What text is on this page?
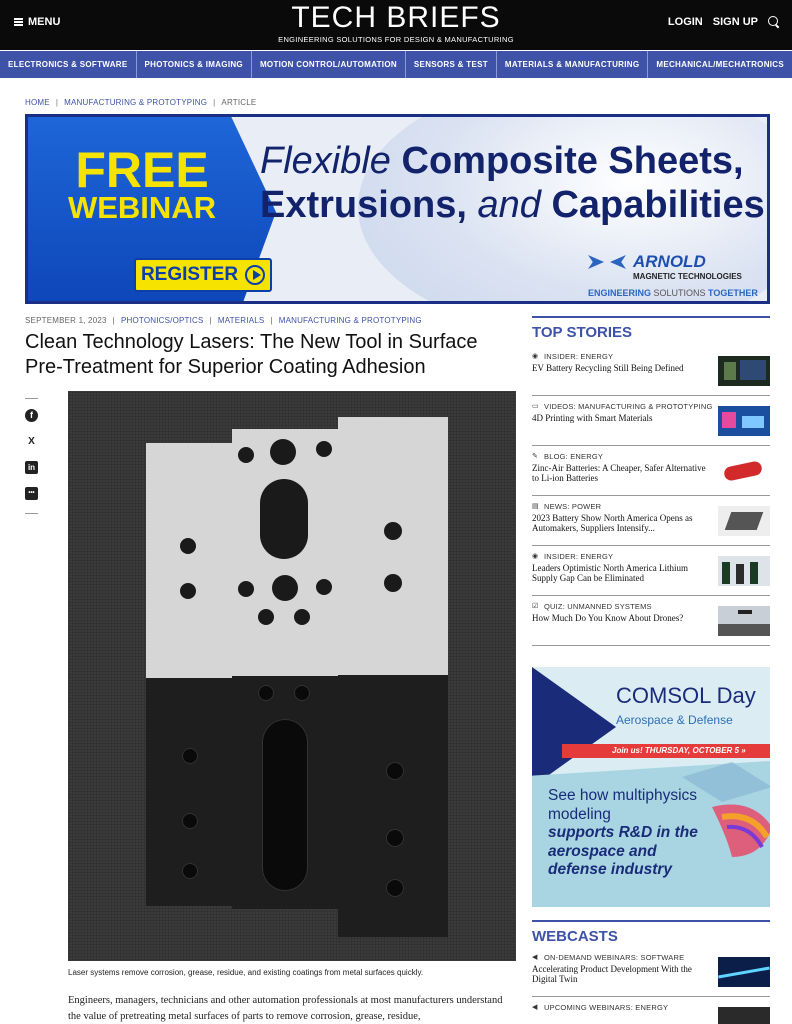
MENU	TECH BRIEFS
ENGINEERING SOLUTIONS FOR DESIGN & MANUFACTURING
LOGIN SIGN UP
ELECTRONICS & SOFTWARE	PHOTONICS & IMAGING	MOTION CONTROL/AUTOMATION	SENSORS & TEST	MATERIALS & MANUFACTURING	MECHANICAL/MECHATRONICS
HOME | MANUFACTURING & PROTOTYPING | ARTICLE
FREE
WEBINAR
REGISTER
Flexible Composite Sheets,
Extrusions, and Capabilities
ARNOLD
MAGNETIC TECHNOLOGIES
ENGINEERING SOLUTIONS TOGETHER
SEPTEMBER 1, 2023 | PHOTONICS/OPTICS | MATERIALS | MANUFACTURING & PROTOTYPING
Clean Technology Lasers: The New Tool in Surface Pre-Treatment for Superior Coating Adhesion
f
X
in
•••
Laser systems remove corrosion, grease, residue, and existing coatings from metal surfaces quickly.
Engineers, managers, technicians and other automation professionals at most manufacturers understand the value of pretreating metal surfaces of parts to remove corrosion, grease, residue,
TOP STORIES
◉ INSIDER: ENERGY
EV Battery Recycling Still Being Defined
▭ VIDEOS: MANUFACTURING & PROTOTYPING
4D Printing with Smart Materials
✎ BLOG: ENERGY
Zinc-Air Batteries: A Cheaper, Safer Alternative to Li-ion Batteries
▤ NEWS: POWER
2023 Battery Show North America Opens as Automakers, Suppliers Intensify...
◉ INSIDER: ENERGY
Leaders Optimistic North America Lithium Supply Gap Can be Eliminated
☑ QUIZ: UNMANNED SYSTEMS
How Much Do You Know About Drones?
COMSOL Day
Aerospace & Defense
Join us! THURSDAY, OCTOBER 5 »
See how multiphysics modeling
supports R&D in the aerospace and defense industry
WEBCASTS
◀ ON-DEMAND WEBINARS: SOFTWARE
Accelerating Product Development With the Digital Twin
◀ UPCOMING WEBINARS: ENERGY
